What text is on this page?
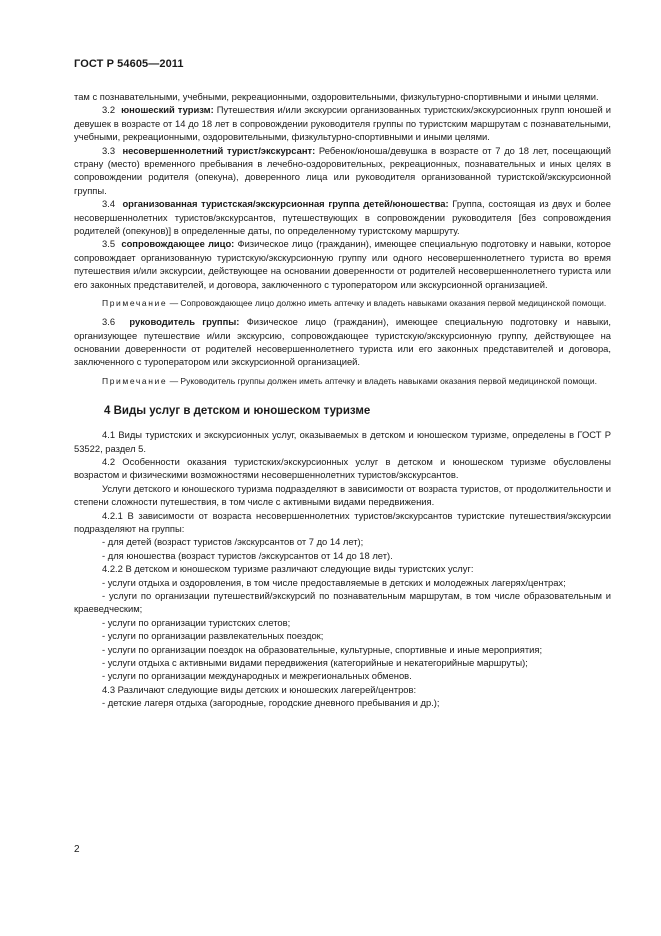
ГОСТ Р 54605—2011

там с познавательными, учебными, рекреационными, оздоровительными, физкультурно-спортивными и иными целями.

3.2 юношеский туризм: Путешествия и/или экскурсии организованных туристских/экскурсионных групп юношей и девушек в возрасте от 14 до 18 лет в сопровождении руководителя группы по туристским маршрутам с познавательными, учебными, рекреационными, оздоровительными, физкультурно-спортивными и иными целями.

3.3 несовершеннолетний турист/экскурсант: Ребенок/юноша/девушка в возрасте от 7 до 18 лет, посещающий страну (место) временного пребывания в лечебно-оздоровительных, рекреационных, познавательных и иных целях в сопровождении родителя (опекуна), доверенного лица или руководителя организованной туристской/экскурсионной группы.

3.4 организованная туристская/экскурсионная группа детей/юношества: Группа, состоящая из двух и более несовершеннолетних туристов/экскурсантов, путешествующих в сопровождении руководителя [без сопровождения родителей (опекунов)] в определенные даты, по определенному туристскому маршруту.

3.5 сопровождающее лицо: Физическое лицо (гражданин), имеющее специальную подготовку и навыки, которое сопровождает организованную туристскую/экскурсионную группу или одного несовершеннолетнего туриста во время путешествия и/или экскурсии, действующее на основании доверенности от родителей несовершеннолетнего туриста или его законных представителей, и договора, заключенного с туроператором или экскурсионной организацией.

Примечание — Сопровождающее лицо должно иметь аптечку и владеть навыками оказания первой медицинской помощи.

3.6 руководитель группы: Физическое лицо (гражданин), имеющее специальную подготовку и навыки, организующее путешествие и/или экскурсию, сопровождающее туристскую/экскурсионную группу, действующее на основании доверенности от родителей несовершеннолетнего туриста или его законных представителей и договора, заключенного с туроператором или экскурсионной организацией.

Примечание — Руководитель группы должен иметь аптечку и владеть навыками оказания первой медицинской помощи.

4 Виды услуг в детском и юношеском туризме

4.1 Виды туристских и экскурсионных услуг, оказываемых в детском и юношеском туризме, определены в ГОСТ Р 53522, раздел 5.

4.2 Особенности оказания туристских/экскурсионных услуг в детском и юношеском туризме обусловлены возрастом и физическими возможностями несовершеннолетних туристов/экскурсантов.

Услуги детского и юношеского туризма подразделяют в зависимости от возраста туристов, от продолжительности и степени сложности путешествия, в том числе с активными видами передвижения.

4.2.1 В зависимости от возраста несовершеннолетних туристов/экскурсантов туристские путешествия/экскурсии подразделяют на группы:

- для детей (возраст туристов /экскурсантов от 7 до 14 лет);

- для юношества (возраст туристов /экскурсантов от 14 до 18 лет).

4.2.2 В детском и юношеском туризме различают следующие виды туристских услуг:

- услуги отдыха и оздоровления, в том числе предоставляемые в детских и молодежных лагерях/центрах;

- услуги по организации путешествий/экскурсий по познавательным маршрутам, в том числе образовательным и краеведческим;

- услуги по организации туристских слетов;

- услуги по организации развлекательных поездок;

- услуги по организации поездок на образовательные, культурные, спортивные и иные мероприятия;

- услуги отдыха с активными видами передвижения (категорийные и некатегорийные маршруты);

- услуги по организации международных и межрегиональных обменов.

4.3 Различают следующие виды детских и юношеских лагерей/центров:

- детские лагеря отдыха (загородные, городские дневного пребывания и др.);

2
